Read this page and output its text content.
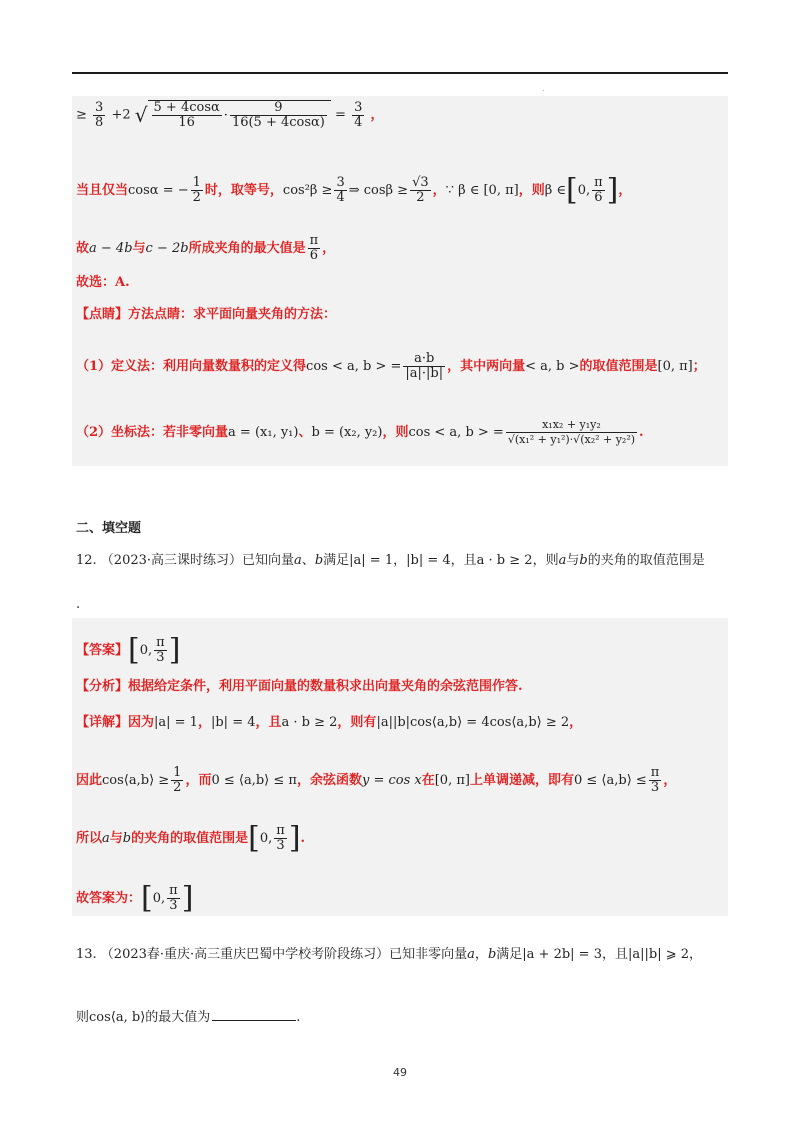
.
≥ $\frac{3}{8} +2$ √ $\frac{5 + 4\cos\alpha}{16} \cdot \frac{9}{16(5 + 4\cos\alpha)} = \frac{3}{4}$ ，
当且仅当cosα = − $\frac{1}{2}$ 时，取等号，$\cos^2\beta \ge \frac{3}{4}$ ⇒ $\cos\beta \ge \frac{√3}{2}$ ，∵ β ∈ [0, π]，则β ∈[0, $\frac{\pi}{6}$ ]，
故a − 4b与c − 2b所成夹角的最大值是 $\frac{\pi}{6}$ ，
故选：A.
【点睛】方法点睛：求平面向量夹角的方法：
（1）定义法：利用向量数量积的定义得cos < a, b > = $\frac{a\cdot b}{|a|\cdot|b|}$ ，其中两向量< a, b >的取值范围是[0, π]；
（2）坐标法：若非零向量a = (x₁, y₁)、b = (x₂, y₂)，则cos < a, b > = $\frac{\text{x₁x₂ + y₁y₂}}{\text{√(x₁² + y₁²)·√(x₂² + y₂²)}}$ .
二、填空题
12. （2023·高三课时练习）已知向量a、b满足|a| = 1，|b| = 4，且a · b ≥ 2，则a与b的夹角的取值范围是
.
【答案】[0, $\frac{\pi}{3}$ ]
【分析】根据给定条件，利用平面向量的数量积求出向量夹角的余弦范围作答.
【详解】因为|a| = 1，|b| = 4，且a · b ≥ 2，则有|a||b|cos⟨a,b⟩ = 4cos⟨a,b⟩ ≥ 2，
因此cos⟨a,b⟩ ≥ $\frac{1}{2}$ ，而0 ≤ ⟨a,b⟩ ≤ π，余弦函数y = cos x在[0, π]上单调递减，即有0 ≤ ⟨a,b⟩ ≤ $\frac{\pi}{3}$ ，
所以a与b的夹角的取值范围是[0, $\frac{\pi}{3}$ ].
故答案为：[0, $\frac{\pi}{3}$ ]
13. （2023春·重庆·高三重庆巴蜀中学校考阶段练习）已知非零向量a，b满足|a + 2b| = 3，且|a||b| ⩾ 2，
则cos⟨a, b⟩的最大值为	.
49
